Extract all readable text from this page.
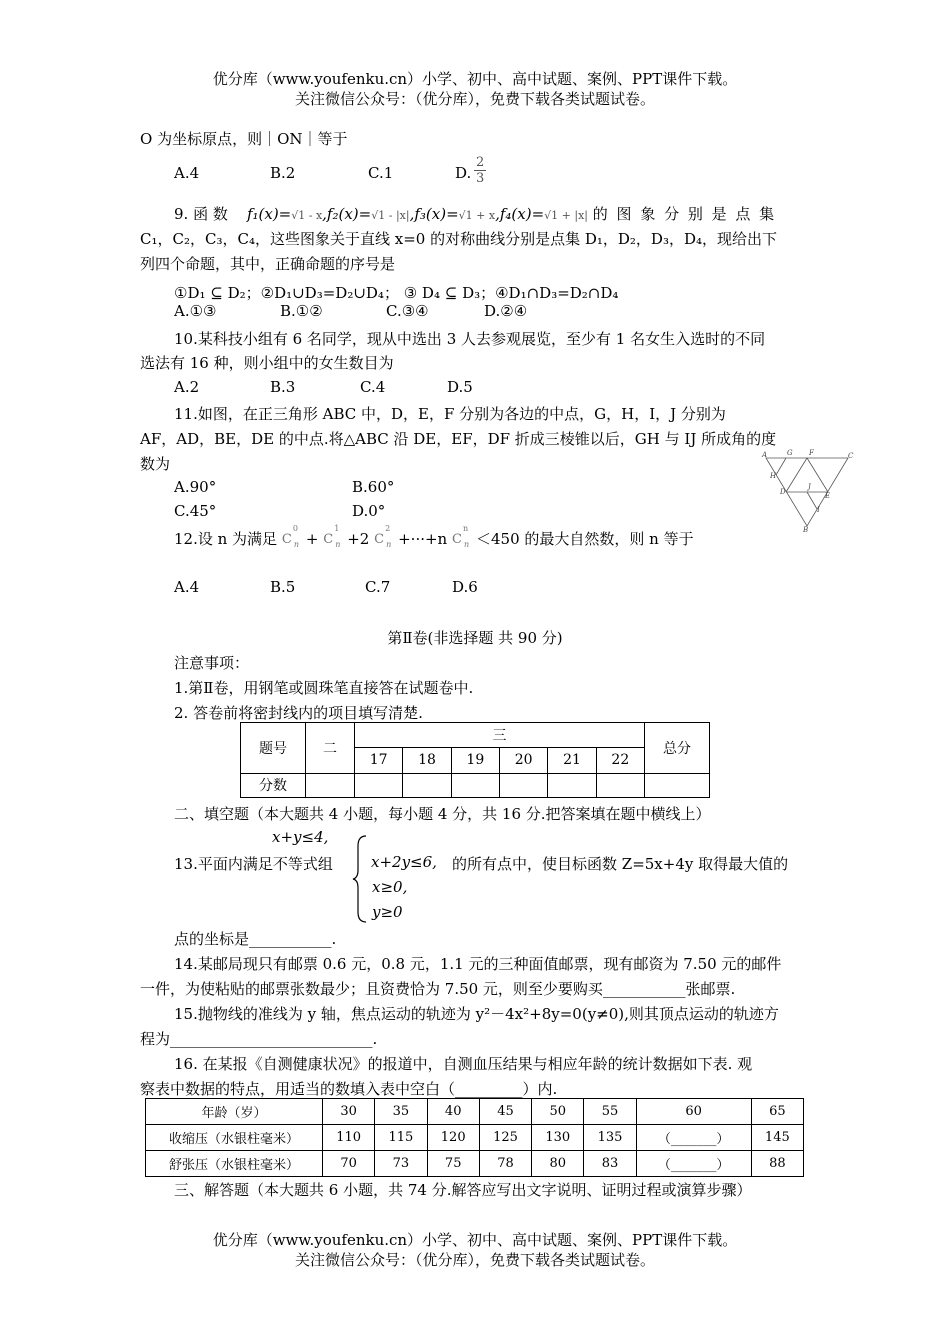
优分库（www.youfenku.cn）小学、初中、高中试题、案例、PPT课件下载。
关注微信公众号：（优分库），免费下载各类试题试卷。
O 为坐标原点，则｜ON｜等于
A.4	B.2	C.1	D. $\frac{2}{3}$
9. 函 数 f₁(x)=√1 - x,f₂(x)=√1 - |x|,f₃(x)=√1 + x,f₄(x)=√1 + |x| 的 图 象 分 别 是 点 集
C₁，C₂，C₃，C₄，这些图象关于直线 x=0 的对称曲线分别是点集 D₁，D₂，D₃，D₄，现给出下
列四个命题，其中，正确命题的序号是
①D₁ ⊆ D₂；②D₁∪D₃=D₂∪D₄； ③ D₄ ⊆ D₃；④D₁∩D₃=D₂∩D₄
A.①③	B.①②	C.③④	D.②④
10.某科技小组有 6 名同学，现从中选出 3 人去参观展览，至少有 1 名女生入选时的不同
选法有 16 种，则小组中的女生数目为
A.2	B.3	C.4	D.5
11.如图，在正三角形 ABC 中，D，E，F 分别为各边的中点，G，H，I，J 分别为
AF，AD，BE，DE 的中点.将△ABC 沿 DE，EF，DF 折成三棱锥以后，GH 与 IJ 所成角的度
数为
A.90°	B.60°
C.45°	D.0°
A	G F	C
H
D
J
E
I
B
12.设 n 为满足 C
0
n + C
1
n +2 C
2
n +···+n C
n
n ＜450 的最大自然数，则 n 等于
A.4	B.5	C.7	D.6
第Ⅱ卷(非选择题 共 90 分)
注意事项：
1.第Ⅱ卷，用钢笔或圆珠笔直接答在试题卷中.
2. 答卷前将密封线内的项目填写清楚.
题号	二	三						总分
		17	18	19	20	21	22	
分数								
二、填空题（本大题共 4 小题，每小题 4 分，共 16 分.把答案填在题中横线上）
x+y≤4,
13.平面内满足不等式组	x+2y≤6, 的所有点中，使目标函数 Z=5x+4y 取得最大值的
x≥0,
y≥0
点的坐标是___________.
14.某邮局现只有邮票 0.6 元，0.8 元，1.1 元的三种面值邮票，现有邮资为 7.50 元的邮件
一件，为使粘贴的邮票张数最少；且资费恰为 7.50 元，则至少要购买___________张邮票.
15.抛物线的准线为 y 轴，焦点运动的轨迹为 y²－4x²+8y=0(y≠0),则其顶点运动的轨迹方
程为___________________________.
16. 在某报《自测健康状况》的报道中，自测血压结果与相应年龄的统计数据如下表. 观
察表中数据的特点，用适当的数填入表中空白（_________）内.
年龄（岁）	30	35	40	45	50	55	60	65
收缩压（水银柱毫米）	110	115	120	125	130	135	（_______）	145
舒张压（水银柱毫米）	70	73	75	78	80	83	（_______）	88
三、解答题（本大题共 6 小题，共 74 分.解答应写出文字说明、证明过程或演算步骤）
优分库（www.youfenku.cn）小学、初中、高中试题、案例、PPT课件下载。
关注微信公众号：（优分库），免费下载各类试题试卷。
